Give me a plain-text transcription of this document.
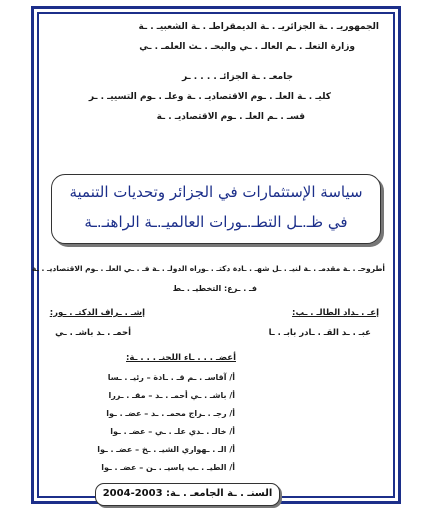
الجمهوريـ . ـة الجزائريـ . ـة الديمقراطـ . ـة الشعبيـ . ـة
وزارة التعلـ . ـم العالـ . ـي والبحـ . ـث العلمـ . ـي
جامعـ . ـة الجزائـ . . . . ـر
كليـ . ـة العلـ . ـوم الاقتصاديـ . ـة وعلـ . ـوم التسييـ . ـر
قسـ . ـم العلـ . ـوم الاقتصاديـ . ـة
سياسة الإستثمارات في الجزائر وتحديات التنمية
في ظـ.ـل التطـ.ـورات العالميـ.ـة الراهنـ.ـة
أطروحـ . ـة مقدمـ . ـة لنيـ . ـل شهـ . ـادة دكتـ . ـوراه الدولـ . ـة فـ . ـي العلـ . ـوم الاقتصاديـ . ـة
فـ . ـرع: التخطيـ . ـط
إعـ . ـداد الطالـ . ـب:
عبـ . ـد القـ . ـادر بابـ . ـا
إشـ . ـراف الدكتـ . ـور:
أحمـ . ـد باشـ . ـي
أعضـ . . . ـاء اللجنـ . . . ـة:
أ/ آقاسـ . ـم قـ . ـادة – رئيـ . ـسا
أ/ باشـ . ـي أحمـ . ـد – مقـ . ـررا
أ/ رجـ . ـراج محمـ . ـد – عضـ . ـوا
أ/ خالـ . ـدي علـ . ـي – عضـ . ـوا
أ/ الـ . ـهواري الشيـ . ـخ – عضـ . ـوا
أ/ الطيـ . ـب ياسيـ . ـن – عضـ . ـوا
السنـ . ـة الجامعـ . ـة: 2003-2004
